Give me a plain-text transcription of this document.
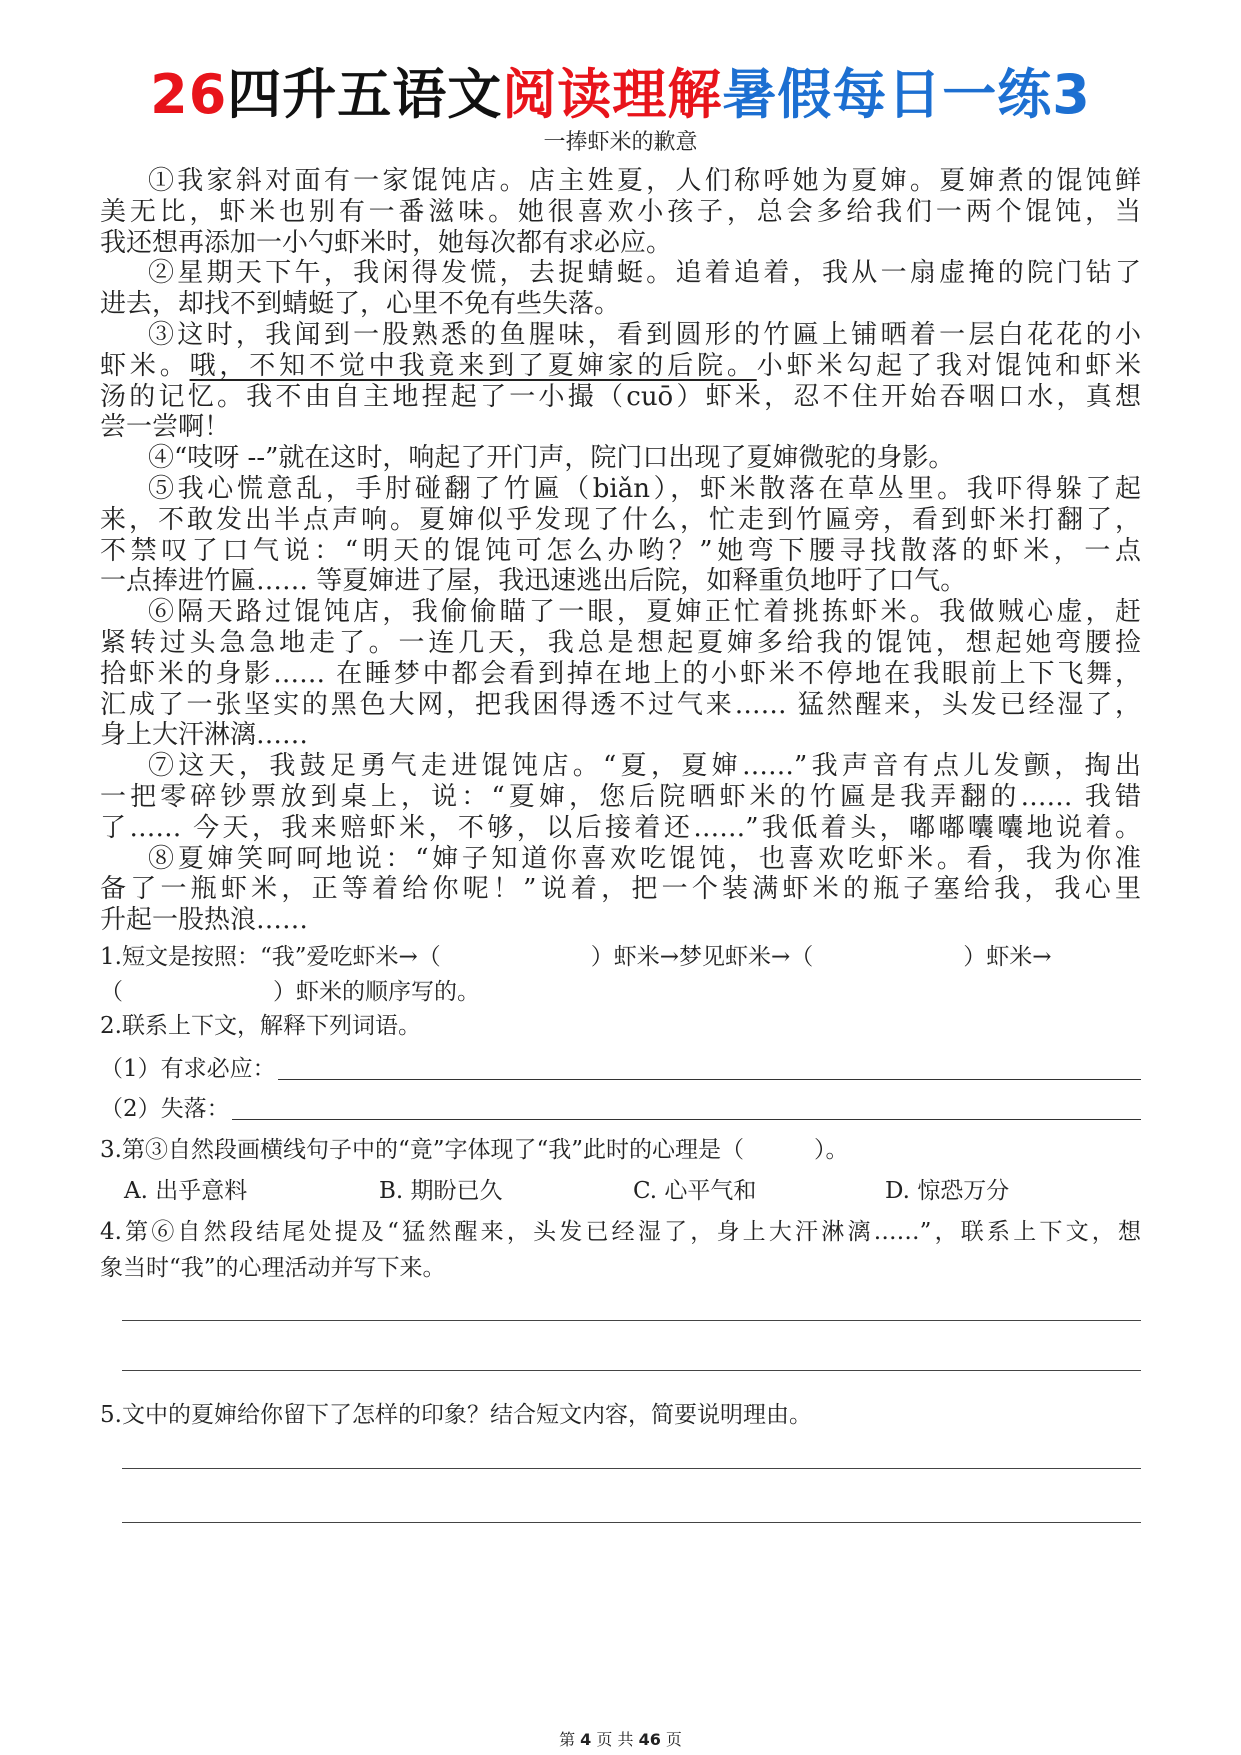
26四升五语文阅读理解暑假每日一练3
一捧虾米的歉意
①我家斜对面有一家馄饨店。店主姓夏，人们称呼她为夏婶。夏婶煮的馄饨鲜
美无比，虾米也别有一番滋味。她很喜欢小孩子，总会多给我们一两个馄饨，当
我还想再添加一小勺虾米时，她每次都有求必应。
②星期天下午，我闲得发慌，去捉蜻蜓。追着追着，我从一扇虚掩的院门钻了
进去，却找不到蜻蜓了，心里不免有些失落。
③这时，我闻到一股熟悉的鱼腥味，看到圆形的竹匾上铺晒着一层白花花的小
虾米。哦，不知不觉中我竟来到了夏婶家的后院。小虾米勾起了我对馄饨和虾米
汤的记忆。我不由自主地捏起了一小撮（cuō）虾米，忍不住开始吞咽口水，真想
尝一尝啊！
④“吱呀 --”就在这时，响起了开门声，院门口出现了夏婶微驼的身影。
⑤我心慌意乱，手肘碰翻了竹匾（biǎn），虾米散落在草丛里。我吓得躲了起
来，不敢发出半点声响。夏婶似乎发现了什么，忙走到竹匾旁，看到虾米打翻了，
不禁叹了口气说：“明天的馄饨可怎么办哟？”她弯下腰寻找散落的虾米，一点
一点捧进竹匾…… 等夏婶进了屋，我迅速逃出后院，如释重负地吁了口气。
⑥隔天路过馄饨店，我偷偷瞄了一眼，夏婶正忙着挑拣虾米。我做贼心虚，赶
紧转过头急急地走了。一连几天，我总是想起夏婶多给我的馄饨，想起她弯腰捡
拾虾米的身影…… 在睡梦中都会看到掉在地上的小虾米不停地在我眼前上下飞舞，
汇成了一张坚实的黑色大网，把我困得透不过气来…… 猛然醒来，头发已经湿了，
身上大汗淋漓……
⑦这天，我鼓足勇气走进馄饨店。“夏，夏婶……”我声音有点儿发颤，掏出
一把零碎钞票放到桌上，说：“夏婶，您后院晒虾米的竹匾是我弄翻的…… 我错
了…… 今天，我来赔虾米，不够，以后接着还……”我低着头，嘟嘟囔囔地说着。
⑧夏婶笑呵呵地说：“婶子知道你喜欢吃馄饨，也喜欢吃虾米。看，我为你准
备了一瓶虾米，正等着给你呢！”说着，把一个装满虾米的瓶子塞给我，我心里
升起一股热浪……
1.短文是按照：“我”爱吃虾米→（	）虾米→梦见虾米→（	）虾米→
（	）虾米的顺序写的。
2.联系上下文，解释下列词语。
（1）有求必应：
（2）失落：
3.第③自然段画横线句子中的“竟”字体现了“我”此时的心理是（	）。
A. 出乎意料	B. 期盼已久	C. 心平气和	D. 惊恐万分
4.第⑥自然段结尾处提及“猛然醒来，头发已经湿了，身上大汗淋漓……”，联系上下文，想
象当时“我”的心理活动并写下来。
5.文中的夏婶给你留下了怎样的印象？结合短文内容，简要说明理由。
第 4 页 共 46 页
